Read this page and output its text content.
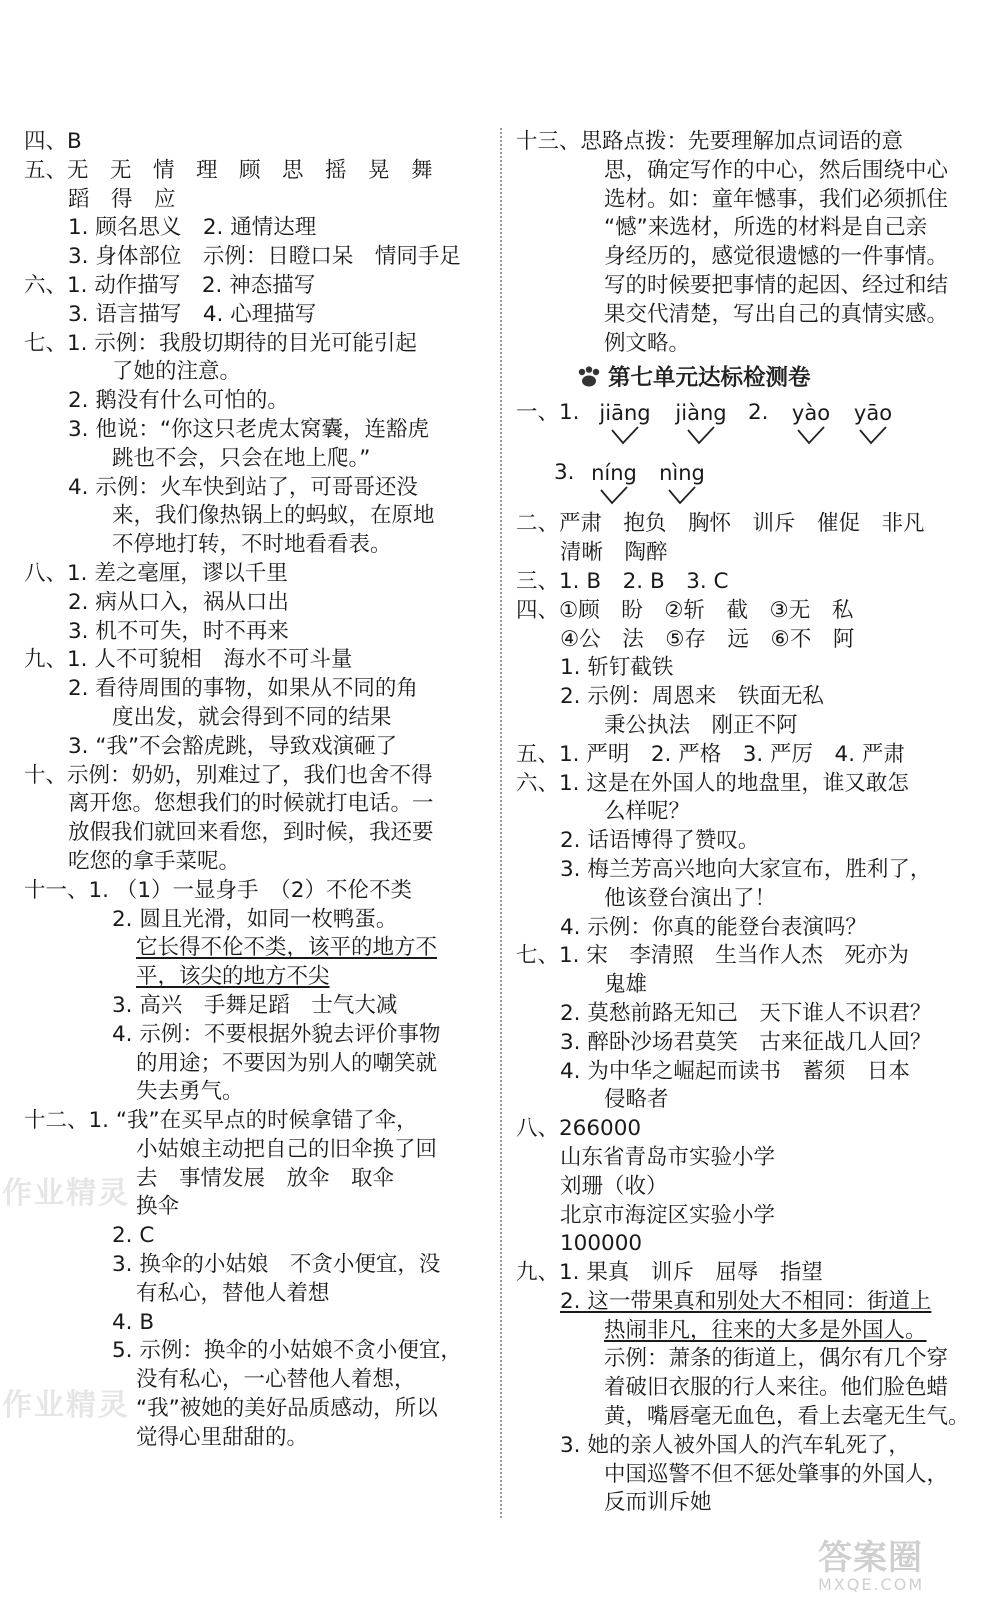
四、B
五、无　无　情　理　顾　思　摇　晃　舞
蹈　得　应
1. 顾名思义　2. 通情达理
3. 身体部位　示例：日瞪口呆　情同手足
六、1. 动作描写　2. 神态描写
3. 语言描写　4. 心理描写
七、1. 示例：我殷切期待的目光可能引起
了她的注意。
2. 鹅没有什么可怕的。
3. 他说：“你这只老虎太窝囊，连豁虎
跳也不会，只会在地上爬。”
4. 示例：火车快到站了，可哥哥还没
来，我们像热锅上的蚂蚁，在原地
不停地打转，不时地看看表。
八、1. 差之毫厘，谬以千里
2. 病从口入，祸从口出
3. 机不可失，时不再来
九、1. 人不可貌相　海水不可斗量
2. 看待周围的事物，如果从不同的角
度出发，就会得到不同的结果
3. “我”不会豁虎跳，导致戏演砸了
十、示例：奶奶，别难过了，我们也舍不得
离开您。您想我们的时候就打电话。一
放假我们就回来看您，到时候，我还要
吃您的拿手菜呢。
十一、1. （1）一显身手　（2）不伦不类
2. 圆且光滑，如同一枚鸭蛋。
它长得不伦不类，该平的地方不
平，该尖的地方不尖
3. 高兴　手舞足蹈　士气大减
4. 示例：不要根据外貌去评价事物
的用途；不要因为别人的嘲笑就
失去勇气。
十二、1. “我”在买早点的时候拿错了伞，
小姑娘主动把自己的旧伞换了回
去　事情发展　放伞　取伞
换伞
2. C
3. 换伞的小姑娘　不贪小便宜，没
有私心，替他人着想
4. B
5. 示例：换伞的小姑娘不贪小便宜，
没有私心，一心替他人着想，
“我”被她的美好品质感动，所以
觉得心里甜甜的。
十三、思路点拨：先要理解加点词语的意
思，确定写作的中心，然后围绕中心
选材。如：童年憾事，我们必须抓住
“憾”来选材，所选的材料是自己亲
身经历的，感觉很遗憾的一件事情。
写的时候要把事情的起因、经过和结
果交代清楚，写出自己的真情实感。
例文略。
第七单元达标检测卷
一、1. jiāng	jiàng 2.	yào	yāo
3. níng	nìng
二、严肃　抱负　胸怀　训斥　催促　非凡
清晰　陶醉
三、1. B　2. B　3. C
四、①顾　盼　②斩　截　③无　私
④公　法　⑤存　远　⑥不　阿
1. 斩钉截铁
2. 示例：周恩来　铁面无私
秉公执法　刚正不阿
五、1. 严明　2. 严格　3. 严厉　4. 严肃
六、1. 这是在外国人的地盘里，谁又敢怎
么样呢？
2. 话语博得了赞叹。
3. 梅兰芳高兴地向大家宣布，胜利了，
他该登台演出了！
4. 示例：你真的能登台表演吗？
七、1. 宋　李清照　生当作人杰　死亦为
鬼雄
2. 莫愁前路无知己　天下谁人不识君？
3. 醉卧沙场君莫笑　古来征战几人回？
4. 为中华之崛起而读书　蓄须　日本
侵略者
八、266000
山东省青岛市实验小学
刘珊（收）
北京市海淀区实验小学
100000
九、1. 果真　训斥　屈辱　指望
2. 这一带果真和别处大不相同：街道上
热闹非凡，往来的大多是外国人。
示例：萧条的街道上，偶尔有几个穿
着破旧衣服的行人来往。他们脸色蜡
黄，嘴唇毫无血色，看上去毫无生气。
3. 她的亲人被外国人的汽车轧死了，
中国巡警不但不惩处肇事的外国人，
反而训斥她
作业精灵
作业精灵
答案圈
MXQE.COM
